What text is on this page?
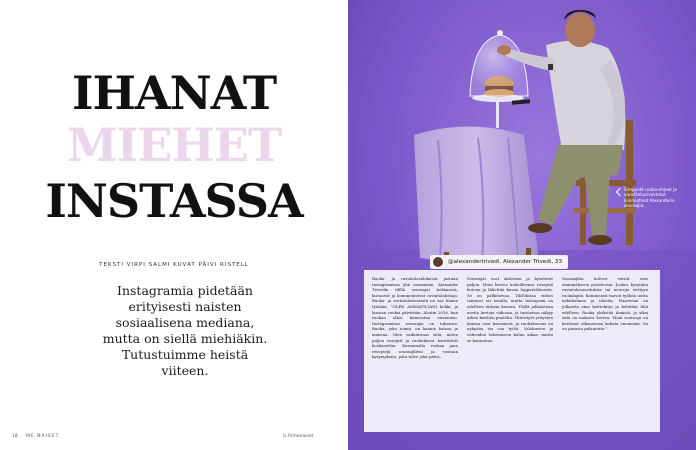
IHANAT
MIEHET
INSTASSA
TEKSTI VIRPI SALMI KUVAT PÄIVI RISTELL
Instagramia pidetään erityisesti naisten sosiaalisena mediana, mutta on siellä miehiäkin. Tutustuimme heistä viiteen.
18 ME NAISET
Simppelit ruoka-ohjeet ja varoitteluarvostetut kiinnostivat Alexanderin seuraajia.
@alexandertrivedi. Alexander Trivedi, 33

Ruoka- ja ravintolavalokuvat jaetaan Instagramissa yhä useammin. Alexander Trivedin tilillä seuraajat kokkaavat, kuvaavat ja kommentoivat ravintolalistoja. Ruoka- ja ravintolaviestintä on osa hänen työtään. "OLEN AMMATILTANI kokki, ja kuvaan ruokia päivittäin. Aloitin 2016, kun ruokaa alkoi kiinnostaa enemmän. Instagramissa seuraajia on tuhansia. Ruoka, joka toimii, on kaunis katsoa ja maistaa. Olen vaikuttunut siitä, miten paljon reseptit ja ruokakuvat herättävät keskustelua. Kuvaamalla ruokaa jaan reseptejä seuraajilleni ja vastaan kysymyksiin, joita tulee joka päivä.

Seuraajat ovat aktiivisia ja kyselevät paljon. Moni kertoo kokeilleensa reseptiä kotona ja lähettää kuvan lopputuloksesta. Se on palkitsevaa. TikTokissa videot toimivat eri tavalla, mutta Instagram on edelleen tärkein kanava. Tilillä julkaistaan useita kertoja viikossa, ja tarinoissa näkyy arkea keittiön puolelta. Yhteistyöt yritysten kanssa ovat kasvaneet, ja ruokakuvaus on nykyään iso osa työtä. Valokuvien ja videoiden tekemiseen kuluu aikaa, mutta se kannattaa.

Seuraajilta tulevat viestit ovat enimmäkseen positiivisia. Joskus kysytään ravintolasuosituksia tai neuvoja tiettyyn ruokalajiin. Kommentit tuovat työhön uutta näkökulmaa ja ideoita. Haaveena on julkaista oma keittokirja ja kehittää tiliä edelleen. Ruoka yhdistää ihmisiä, ja siksi siitä on mukava kertoa. Moni seuraaja on kertonut alkaneensa kokata enemmän. Se on parasta palautetta."

is.fi/menaiset	19
